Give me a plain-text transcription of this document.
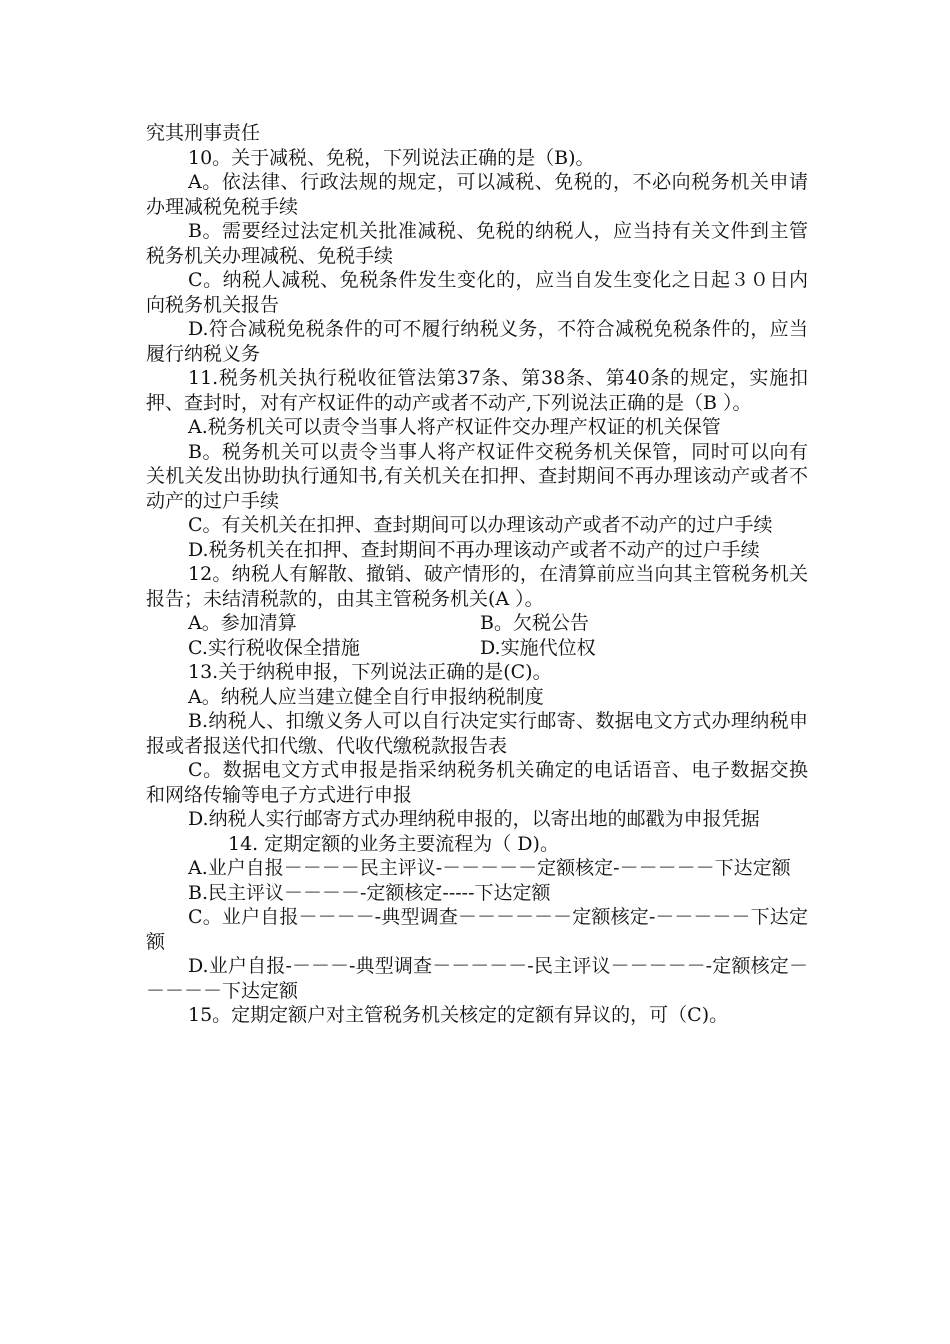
究其刑事责任

10。关于减税、免税，下列说法正确的是（B)。

A。依法律、行政法规的规定，可以减税、免税的，不必向税务机关申请办理减税免税手续

B。需要经过法定机关批准减税、免税的纳税人，应当持有关文件到主管税务机关办理减税、免税手续

C。纳税人减税、免税条件发生变化的，应当自发生变化之日起３０日内向税务机关报告

D.符合减税免税条件的可不履行纳税义务，不符合减税免税条件的，应当履行纳税义务

11.税务机关执行税收征管法第37条、第38条、第40条的规定，实施扣押、查封时，对有产权证件的动产或者不动产,下列说法正确的是（B ）。

A.税务机关可以责令当事人将产权证件交办理产权证的机关保管

B。税务机关可以责令当事人将产权证件交税务机关保管，同时可以向有关机关发出协助执行通知书,有关机关在扣押、查封期间不再办理该动产或者不动产的过户手续

C。有关机关在扣押、查封期间可以办理该动产或者不动产的过户手续

D.税务机关在扣押、查封期间不再办理该动产或者不动产的过户手续

12。纳税人有解散、撤销、破产情形的，在清算前应当向其主管税务机关报告；未结清税款的，由其主管税务机关(A ）。

A。参加清算	B。欠税公告
C.实行税收保全措施	D.实施代位权

13.关于纳税申报，下列说法正确的是(C)。

A。纳税人应当建立健全自行申报纳税制度

B.纳税人、扣缴义务人可以自行决定实行邮寄、数据电文方式办理纳税申报或者报送代扣代缴、代收代缴税款报告表

C。数据电文方式申报是指采纳税务机关确定的电话语音、电子数据交换和网络传输等电子方式进行申报

D.纳税人实行邮寄方式办理纳税申报的，以寄出地的邮戳为申报凭据

14. 定期定额的业务主要流程为（ D)。

A.业户自报－－－－民主评议-－－－－－定额核定-－－－－－下达定额

B.民主评议－－－－-定额核定-----下达定额

C。业户自报－－－－-典型调查－－－－－－定额核定-－－－－－下达定额

D.业户自报-－－－-典型调查－－－－－-民主评议－－－－－-定额核定－－－－－下达定额

15。定期定额户对主管税务机关核定的定额有异议的，可（C)。
